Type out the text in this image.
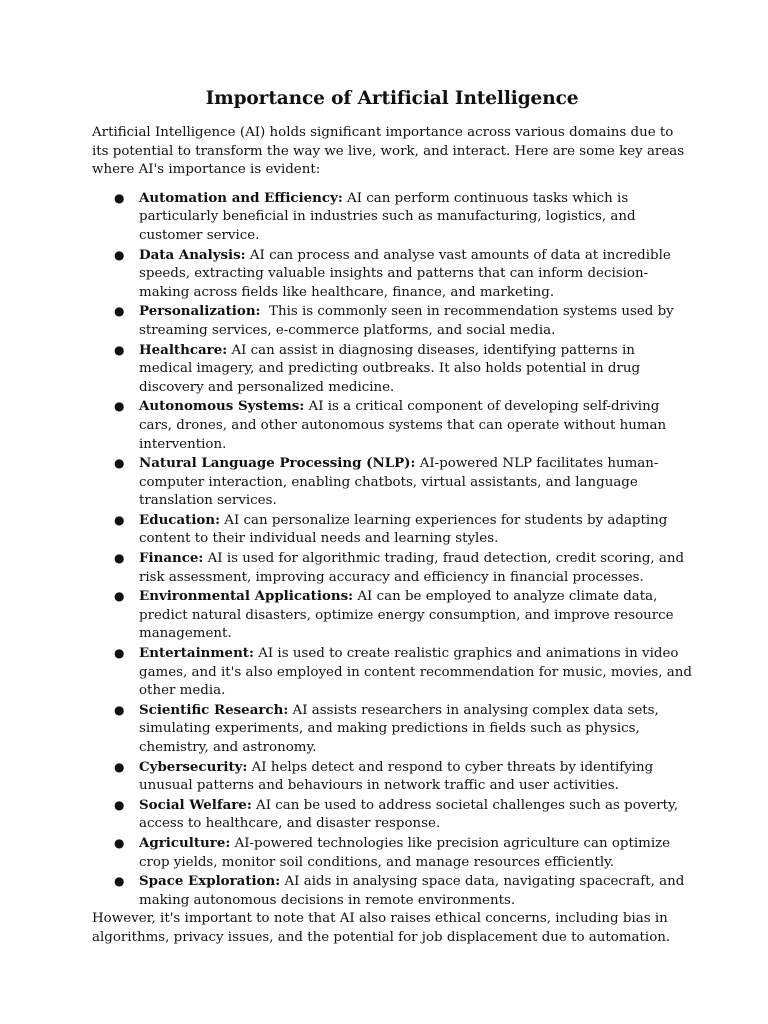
Importance of Artificial Intelligence

Artificial Intelligence (AI) holds significant importance across various domains due to its potential to transform the way we live, work, and interact. Here are some key areas where AI's importance is evident:

● Automation and Efficiency: AI can perform continuous tasks which is particularly beneficial in industries such as manufacturing, logistics, and customer service.
● Data Analysis: AI can process and analyse vast amounts of data at incredible speeds, extracting valuable insights and patterns that can inform decision-making across fields like healthcare, finance, and marketing.
● Personalization:  This is commonly seen in recommendation systems used by streaming services, e-commerce platforms, and social media.
● Healthcare: AI can assist in diagnosing diseases, identifying patterns in medical imagery, and predicting outbreaks. It also holds potential in drug discovery and personalized medicine.
● Autonomous Systems: AI is a critical component of developing self-driving cars, drones, and other autonomous systems that can operate without human intervention.
● Natural Language Processing (NLP): AI-powered NLP facilitates human-computer interaction, enabling chatbots, virtual assistants, and language translation services.
● Education: AI can personalize learning experiences for students by adapting content to their individual needs and learning styles.
● Finance: AI is used for algorithmic trading, fraud detection, credit scoring, and risk assessment, improving accuracy and efficiency in financial processes.
● Environmental Applications: AI can be employed to analyze climate data, predict natural disasters, optimize energy consumption, and improve resource management.
● Entertainment: AI is used to create realistic graphics and animations in video games, and it's also employed in content recommendation for music, movies, and other media.
● Scientific Research: AI assists researchers in analysing complex data sets, simulating experiments, and making predictions in fields such as physics, chemistry, and astronomy.
● Cybersecurity: AI helps detect and respond to cyber threats by identifying unusual patterns and behaviours in network traffic and user activities.
● Social Welfare: AI can be used to address societal challenges such as poverty, access to healthcare, and disaster response.
● Agriculture: AI-powered technologies like precision agriculture can optimize crop yields, monitor soil conditions, and manage resources efficiently.
● Space Exploration: AI aids in analysing space data, navigating spacecraft, and making autonomous decisions in remote environments.

However, it's important to note that AI also raises ethical concerns, including bias in algorithms, privacy issues, and the potential for job displacement due to automation.
